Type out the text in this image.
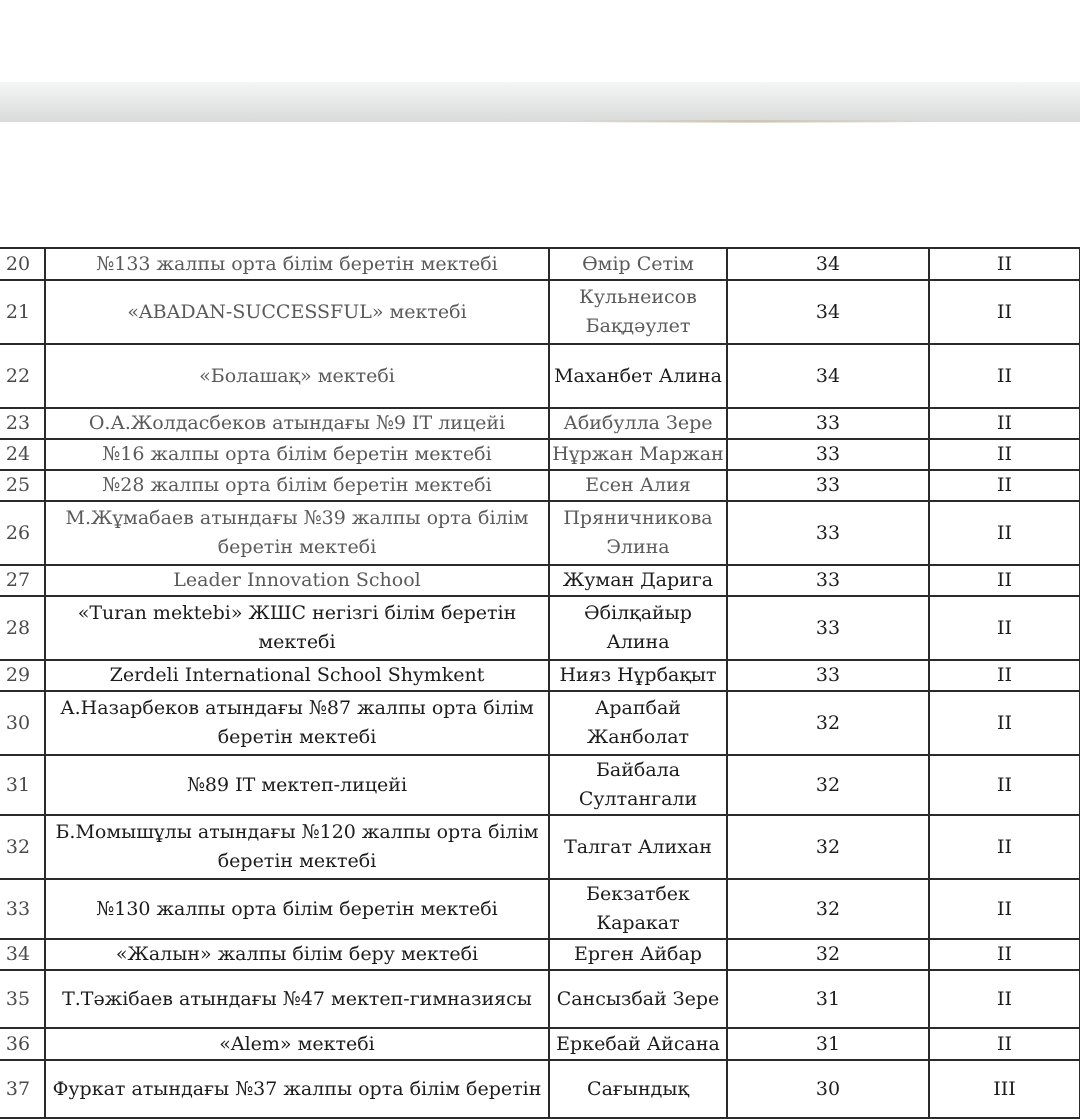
20	№133 жалпы орта білім беретін мектебі	Өмір Сетім	34	II
21	«ABADAN-SUCCESSFUL» мектебі	Кульнеисов Бақдәулет	34	II
22	«Болашақ» мектебі	Маханбет Алина	34	II
23	О.А.Жолдасбеков атындағы №9 IT лицейі	Абибулла Зере	33	II
24	№16 жалпы орта білім беретін мектебі	Нұржан Маржан	33	II
25	№28 жалпы орта білім беретін мектебі	Есен Алия	33	II
26	М.Жұмабаев атындағы №39 жалпы орта білім беретін мектебі	Пряничникова Элина	33	II
27	Leader Innovation School	Жуман Дарига	33	II
28	«Turan mektebi» ЖШС негізгі білім беретін мектебі	Әбілқайыр Алина	33	II
29	Zerdeli International School Shymkent	Нияз Нұрбақыт	33	II
30	А.Назарбеков атындағы №87 жалпы орта білім беретін мектебі	Арапбай Жанболат	32	II
31	№89 IT мектеп-лицейі	Байбала Султангали	32	II
32	Б.Момышұлы атындағы №120 жалпы орта білім беретін мектебі	Талгат Алихан	32	II
33	№130 жалпы орта білім беретін мектебі	Бекзатбек Каракат	32	II
34	«Жалын» жалпы білім беру мектебі	Ерген Айбар	32	II
35	Т.Тәжібаев атындағы №47 мектеп-гимназиясы	Сансызбай Зере	31	II
36	«Alem» мектебі	Еркебай Айсана	31	II
37	Фуркат атындағы №37 жалпы орта білім беретін	Сағындық	30	III
